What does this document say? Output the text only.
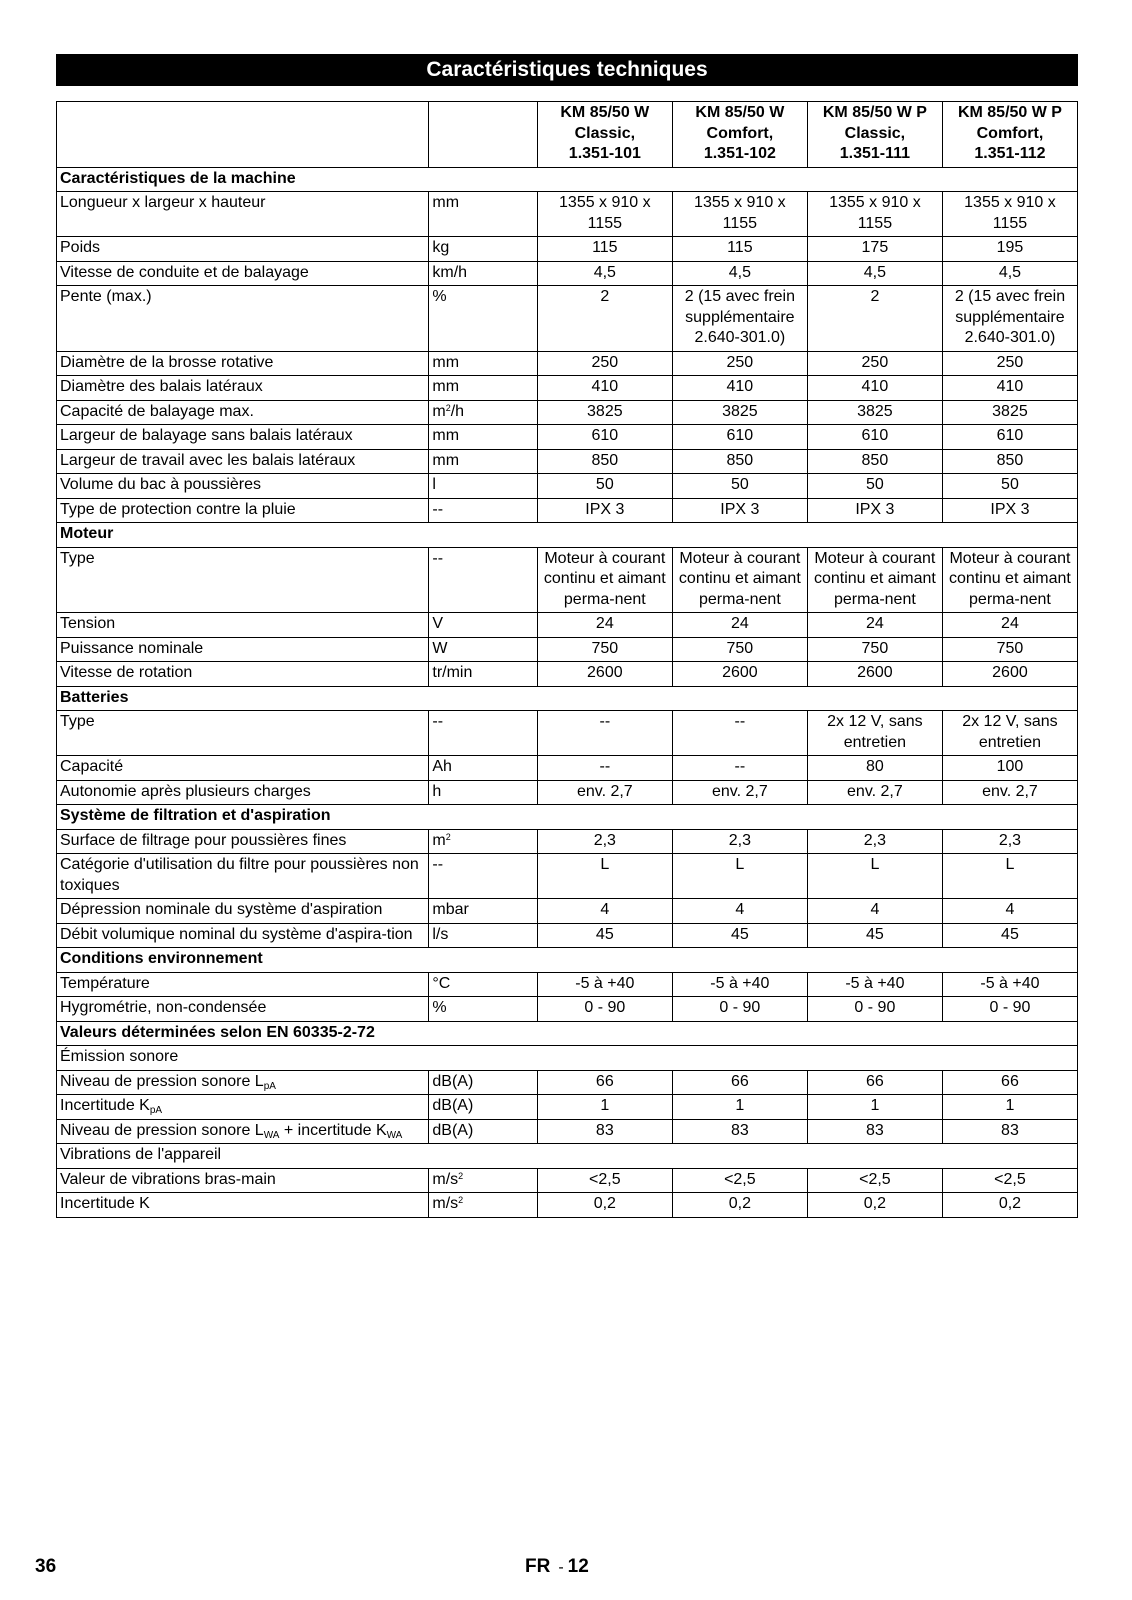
Caractéristiques techniques
		KM 85/50 W
Classic,
1.351-101	KM 85/50 W
Comfort,
1.351-102	KM 85/50 W P
Classic,
1.351-111	KM 85/50 W P
Comfort,
1.351-112
Caractéristiques de la machine					
Longueur x largeur x hauteur	mm	1355 x 910 x 1155	1355 x 910 x 1155	1355 x 910 x 1155	1355 x 910 x 1155
Poids	kg	115	115	175	195
Vitesse de conduite et de balayage	km/h	4,5	4,5	4,5	4,5
Pente (max.)	%	2	2 (15 avec frein supplémentaire 2.640-301.0)	2	2 (15 avec frein supplémentaire 2.640-301.0)
Diamètre de la brosse rotative	mm	250	250	250	250
Diamètre des balais latéraux	mm	410	410	410	410
Capacité de balayage max.	$m^2/h$	3825	3825	3825	3825
Largeur de balayage sans balais latéraux	mm	610	610	610	610
Largeur de travail avec les balais latéraux	mm	850	850	850	850
Volume du bac à poussières	l	50	50	50	50
Type de protection contre la pluie	--	IPX 3	IPX 3	IPX 3	IPX 3
Moteur					
Type	--	Moteur à courant continu et aimant perma-nent	Moteur à courant continu et aimant perma-nent	Moteur à courant continu et aimant perma-nent	Moteur à courant continu et aimant perma-nent
Tension	V	24	24	24	24
Puissance nominale	W	750	750	750	750
Vitesse de rotation	tr/min	2600	2600	2600	2600
Batteries					
Type	--	--	--	2x 12 V, sans entretien	2x 12 V, sans entretien
Capacité	Ah	--	--	80	100
Autonomie après plusieurs charges	h	env. 2,7	env. 2,7	env. 2,7	env. 2,7
Système de filtration et d'aspiration					
Surface de filtrage pour poussières fines	$m^2$	2,3	2,3	2,3	2,3
Catégorie d'utilisation du filtre pour poussières non toxiques	--	L	L	L	L
Dépression nominale du système d'aspiration	mbar	4	4	4	4
Débit volumique nominal du système d'aspira-tion	l/s	45	45	45	45
Conditions environnement					
Température	°C	-5 à +40	-5 à +40	-5 à +40	-5 à +40
Hygrométrie, non-condensée	%	0 - 90	0 - 90	0 - 90	0 - 90
Valeurs déterminées selon EN 60335-2-72					
Émission sonore					
Niveau de pression sonore $L_{pA}$	dB(A)	66	66	66	66
Incertitude $K_{pA}$	dB(A)	1	1	1	1
Niveau de pression sonore $L_{WA}$ + incertitude $K_{WA}$	dB(A)	83	83	83	83
Vibrations de l'appareil					
Valeur de vibrations bras-main	$m/s^2$	<2,5	<2,5	<2,5	<2,5
Incertitude K	$m/s^2$	0,2	0,2	0,2	0,2
36	FR - 12
